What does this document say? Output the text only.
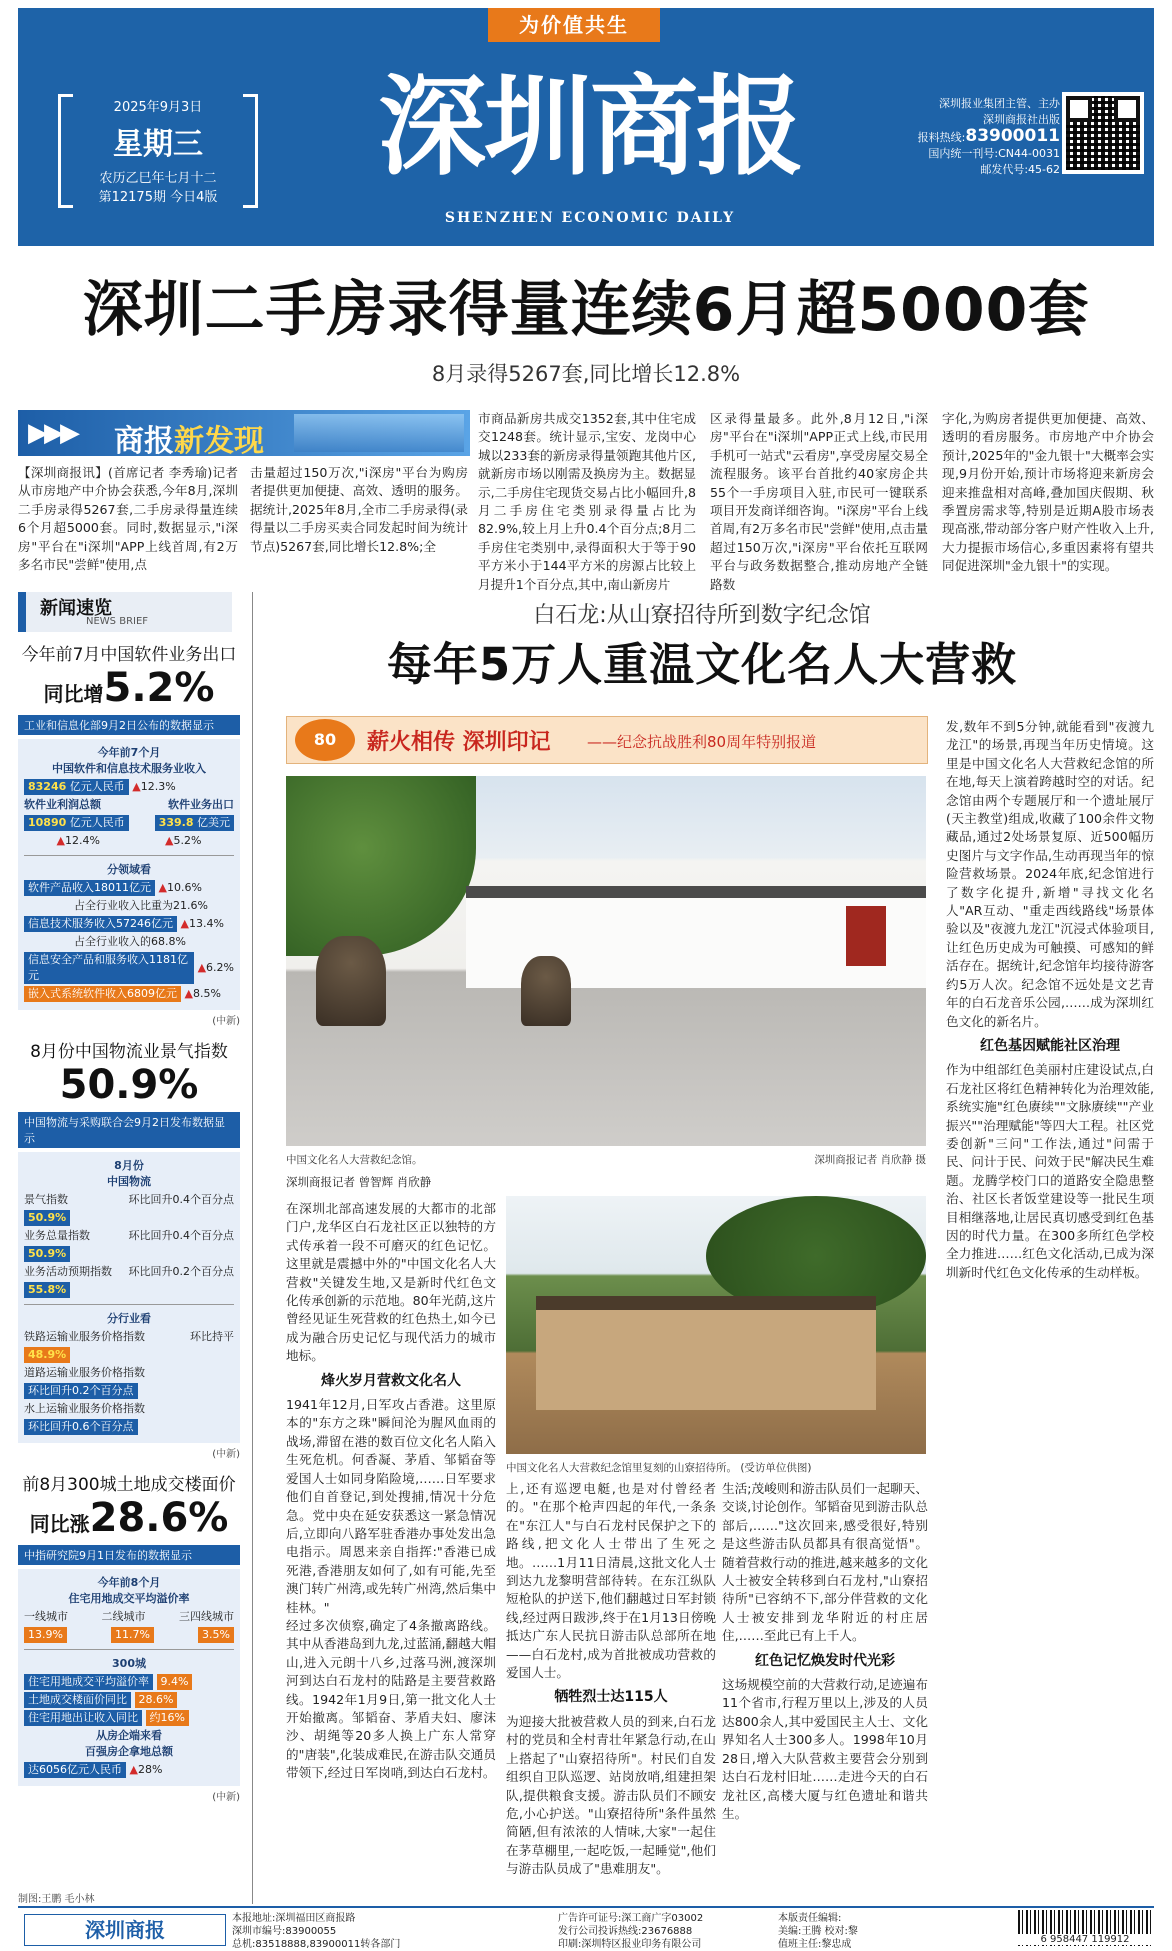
为价值共生
2025年9月3日
星期三
农历乙巳年七月十二
第12175期 今日4版
深圳商报
SHENZHEN ECONOMIC DAILY
深圳报业集团主管、主办
深圳商报社出版
报料热线:83900011
国内统一刊号:CN44-0031
邮发代号:45-62
深圳二手房录得量连续6月超5000套
8月录得5267套,同比增长12.8%
▶▶▶ 商报新发现
【深圳商报讯】(首席记者 李秀瑜)记者从市房地产中介协会获悉,今年8月,深圳二手房录得5267套,二手房录得量连续6个月超5000套。同时,数据显示,"i深房"平台在"i深圳"APP上线首周,有2万多名市民"尝鲜"使用,点
击量超过150万次,"i深房"平台为购房者提供更加便捷、高效、透明的服务。据统计,2025年8月,全市二手房录得(录得量以二手房买卖合同发起时间为统计节点)5267套,同比增长12.8%;全
市商品新房共成交1352套,其中住宅成交1248套。统计显示,宝安、龙岗中心城以233套的新房录得量领跑其他片区,就新房市场以刚需及换房为主。数据显示,二手房住宅现货交易占比小幅回升,8月二手房住宅类别录得量占比为82.9%,较上月上升0.4个百分点;8月二手房住宅类别中,录得面积大于等于90平方米小于144平方米的房源占比较上月提升1个百分点,其中,南山新房片
区录得量最多。此外,8月12日,"i深房"平台在"i深圳"APP正式上线,市民用手机可一站式"云看房",享受房屋交易全流程服务。该平台首批约40家房企共55个一手房项目入驻,市民可一键联系项目开发商详细咨询。"i深房"平台上线首周,有2万多名市民"尝鲜"使用,点击量超过150万次,"i深房"平台依托互联网平台与政务数据整合,推动房地产全链路数
字化,为购房者提供更加便捷、高效、透明的看房服务。市房地产中介协会预计,2025年的"金九银十"大概率会实现,9月份开始,预计市场将迎来新房会迎来推盘相对高峰,叠加国庆假期、秋季置房需求等,特别是近期A股市场表现高涨,带动部分客户财产性收入上升,大力提振市场信心,多重因素将有望共同促进深圳"金九银十"的实现。
新闻速览
NEWS BRIEF
今年前7月中国软件业务出口
同比增5.2%
工业和信息化部9月2日公布的数据显示
今年前7个月
中国软件和信息技术服务业收入
83246 亿元人民币
▲ 12.3%
软件业利润总额	软件业务出口
10890 亿元人民币	339.8 亿美元
▲12.4%	▲5.2%
分领域看
软件产品收入18011亿元
▲ 10.6%
占全行业收入比重为21.6%
信息技术服务收入57246亿元
▲ 13.4%
占全行业收入的68.8%
信息安全产品和服务收入1181亿元

▲ 6.2%
嵌入式系统软件收入6809亿元
▲ 8.5%
(中新)
8月份中国物流业景气指数
50.9%
中国物流与采购联合会9月2日发布数据显示
8月份
中国物流
景气指数	环比回升0.4个百分点
50.9%
业务总量指数	环比回升0.4个百分点
50.9%
业务活动预期指数 环比回升0.2个百分点
55.8%
分行业看
铁路运输业服务价格指数	环比持平
48.9%
道路运输业服务价格指数
环比回升0.2个百分点
水上运输业服务价格指数
环比回升0.6个百分点
(中新)
前8月300城土地成交楼面价
同比涨28.6%
中指研究院9月1日发布的数据显示
今年前8个月
住宅用地成交平均溢价率
一线城市	二线城市	三四线城市
13.9%	11.7%	3.5%
300城
住宅用地成交平均溢价率
	9.4%
土地成交楼面价同比
	28.6%
住宅用地出让收入同比
	约16%
从房企端来看
百强房企拿地总额
达6056亿元人民币
▲ 28%
(中新)
制图:王鹏 毛小林
白石龙:从山寮招待所到数字纪念馆
每年5万人重温文化名人大营救
80	薪火相传 深圳印记 ——纪念抗战胜利80周年特别报道
中国文化名人大营救纪念馆。	深圳商报记者 肖欣静 摄
深圳商报记者 曾智辉 肖欣静
在深圳北部高速发展的大都市的北部门户,龙华区白石龙社区正以独特的方式传承着一段不可磨灭的红色记忆。这里就是震撼中外的"中国文化名人大营救"关键发生地,又是新时代红色文化传承创新的示范地。80年光荫,这片曾经见证生死营救的红色热土,如今已成为融合历史记忆与现代活力的城市地标。
烽火岁月营救文化名人
1941年12月,日军攻占香港。这里原本的"东方之珠"瞬间沦为腥风血雨的战场,滞留在港的数百位文化名人陷入生死危机。何香凝、茅盾、邹韬奋等爱国人士如同身陷险境,……日军要求他们自首登记,到处搜捕,情况十分危急。党中央在延安获悉这一紧急情况后,立即向八路军驻香港办事处发出急电指示。周恩来亲自指挥:"香港已成死港,香港朋友如何了,如有可能,先至澳门转广州湾,或先转广州湾,然后集中桂林。"
经过多次侦察,确定了4条撤离路线。其中从香港岛到九龙,过蓝涌,翻越大帽山,进入元朗十八乡,过落马洲,渡深圳河到达白石龙村的陆路是主要营救路线。1942年1月9日,第一批文化人士开始撤离。邹韬奋、茅盾夫妇、廖沫沙、胡绳等20多人换上广东人常穿的"唐装",化装成难民,在游击队交通员带领下,经过日军岗哨,到达白石龙村。
中国文化名人大营救纪念馆里复刻的山寮招待所。 (受访单位供图)
上,还有巡逻电艇,也是对付曾经者的。"在那个枪声四起的年代,一条条在"东江人"与白石龙村民保护之下的路线,把文化人士带出了生死之地。……1月11日清晨,这批文化人士到达九龙黎明营部待转。在东江纵队短枪队的护送下,他们翻越过日军封锁线,经过两日跋涉,终于在1月13日傍晚抵达广东人民抗日游击队总部所在地——白石龙村,成为首批被成功营救的爱国人士。
牺牲烈士达115人
为迎接大批被营救人员的到来,白石龙村的党员和全村青壮年紧急行动,在山上搭起了"山寮招待所"。村民们自发组织自卫队巡逻、站岗放哨,组建担架队,提供粮食支援。游击队员们不顾安危,小心护送。"山寮招待所"条件虽然简陋,但有浓浓的人情味,大家"一起住在茅草棚里,一起吃饭,一起睡觉",他们与游击队员成了"患难朋友"。
生活;茂峻则和游击队员们一起聊天、交谈,讨论创作。邹韬奋见到游击队总部后,……"这次回来,感受很好,特别是这些游击队员都具有很高觉悟"。随着营救行动的推进,越来越多的文化人士被安全转移到白石龙村,"山寮招待所"已容纳不下,部分伴营救的文化人士被安排到龙华附近的村庄居住,……至此已有上千人。
红色记忆焕发时代光彩
这场规模空前的大营救行动,足迹遍布11个省市,行程万里以上,涉及的人员达800余人,其中爱国民主人士、文化界知名人士300多人。1998年10月28日,增入大队营救主要营会分别到达白石龙村旧址……走进今天的白石龙社区,高楼大厦与红色遗址和谐共生。
发,数年不到5分钟,就能看到"夜渡九龙江"的场景,再现当年历史情境。这里是中国文化名人大营救纪念馆的所在地,每天上演着跨越时空的对话。纪念馆由两个专题展厅和一个遗址展厅(天主教堂)组成,收藏了100余件文物藏品,通过2处场景复原、近500幅历史图片与文字作品,生动再现当年的惊险营救场景。2024年底,纪念馆进行了数字化提升,新增"寻找文化名人"AR互动、"重走西线路线"场景体验以及"夜渡九龙江"沉浸式体验项目,让红色历史成为可触摸、可感知的鲜活存在。据统计,纪念馆年均接待游客约5万人次。纪念馆不远处是文艺青年的白石龙音乐公园,……成为深圳红色文化的新名片。
红色基因赋能社区治理
作为中组部红色美丽村庄建设试点,白石龙社区将红色精神转化为治理效能,系统实施"红色赓续""文脉赓续""产业振兴""治理赋能"等四大工程。社区党委创新"三问"工作法,通过"问需于民、问计于民、问效于民"解决民生难题。龙腾学校门口的道路安全隐患整治、社区长者饭堂建设等一批民生项目相继落地,让居民真切感受到红色基因的时代力量。在300多所红色学校全力推进……红色文化活动,已成为深圳新时代红色文化传承的生动样板。
深圳商报	本报地址:深圳福田区商报路
深圳市编号:83900055
总机:83518888,83900011转各部门
广告许可证号:深工商广字03002
发行公司投诉热线:23676888
印刷:深圳特区报业印务有限公司
本版责任编辑:
美编:王腾 校对:黎
值班主任:黎忠成	6 958447 119912
